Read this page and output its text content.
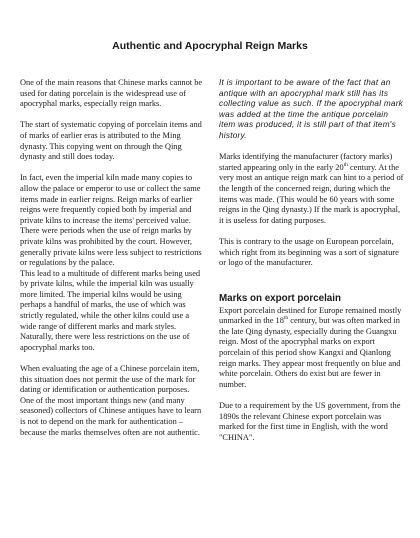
Authentic and Apocryphal Reign Marks

One of the main reasons that Chinese marks cannot be used for dating porcelain is the widespread use of apocryphal marks, especially reign marks.

The start of systematic copying of porcelain items and of marks of earlier eras is attributed to the Ming dynasty. This copying went on through the Qing dynasty and still does today.

In fact, even the imperial kiln made many copies to allow the palace or emperor to use or collect the same items made in earlier reigns. Reign marks of earlier reigns were frequently copied both by imperial and private kilns to increase the items' perceived value.

There were periods when the use of reign marks by private kilns was prohibited by the court. However, generally private kilns were less subject to restrictions or regulations by the palace.

This lead to a multitude of different marks being used by private kilns, while the imperial kiln was usually more limited. The imperial kilns would be using perhaps a handful of marks, the use of which was strictly regulated, while the other kilns could use a wide range of different marks and mark styles. Naturally, there were less restrictions on the use of apocryphal marks too.

When evaluating the age of a Chinese porcelain item, this situation does not permit the use of the mark for dating or identification or authentication purposes. One of the most important things new (and many seasoned) collectors of Chinese antiques have to learn is not to depend on the mark for authentication – because the marks themselves often are not authentic.

It is important to be aware of the fact that an antique with an apocryphal mark still has its collecting value as such. If the apocryphal mark was added at the time the antique porcelain item was produced, it is still part of that item's history.

Marks identifying the manufacturer (factory marks) started appearing only in the early 20th century. At the very most an antique reign mark can hint to a period of the length of the concerned reign, during which the items was made. (This would be 60 years with some reigns in the Qing dynasty.) If the mark is apocryphal, it is useless for dating purposes.

This is contrary to the usage on European porcelain, which right from its beginning was a sort of signature or logo of the manufacturer.

Marks on export porcelain

Export porcelain destined for Europe remained mostly unmarked in the 18th century, but was often marked in the late Qing dynasty, especially during the Guangxu reign. Most of the apocryphal marks on export porcelain of this period show Kangxi and Qianlong reign marks. They appear most frequently on blue and white porcelain. Others do exist but are fewer in number.

Due to a requirement by the US government, from the 1890s the relevant Chinese export porcelain was marked for the first time in English, with the word "CHINA".
